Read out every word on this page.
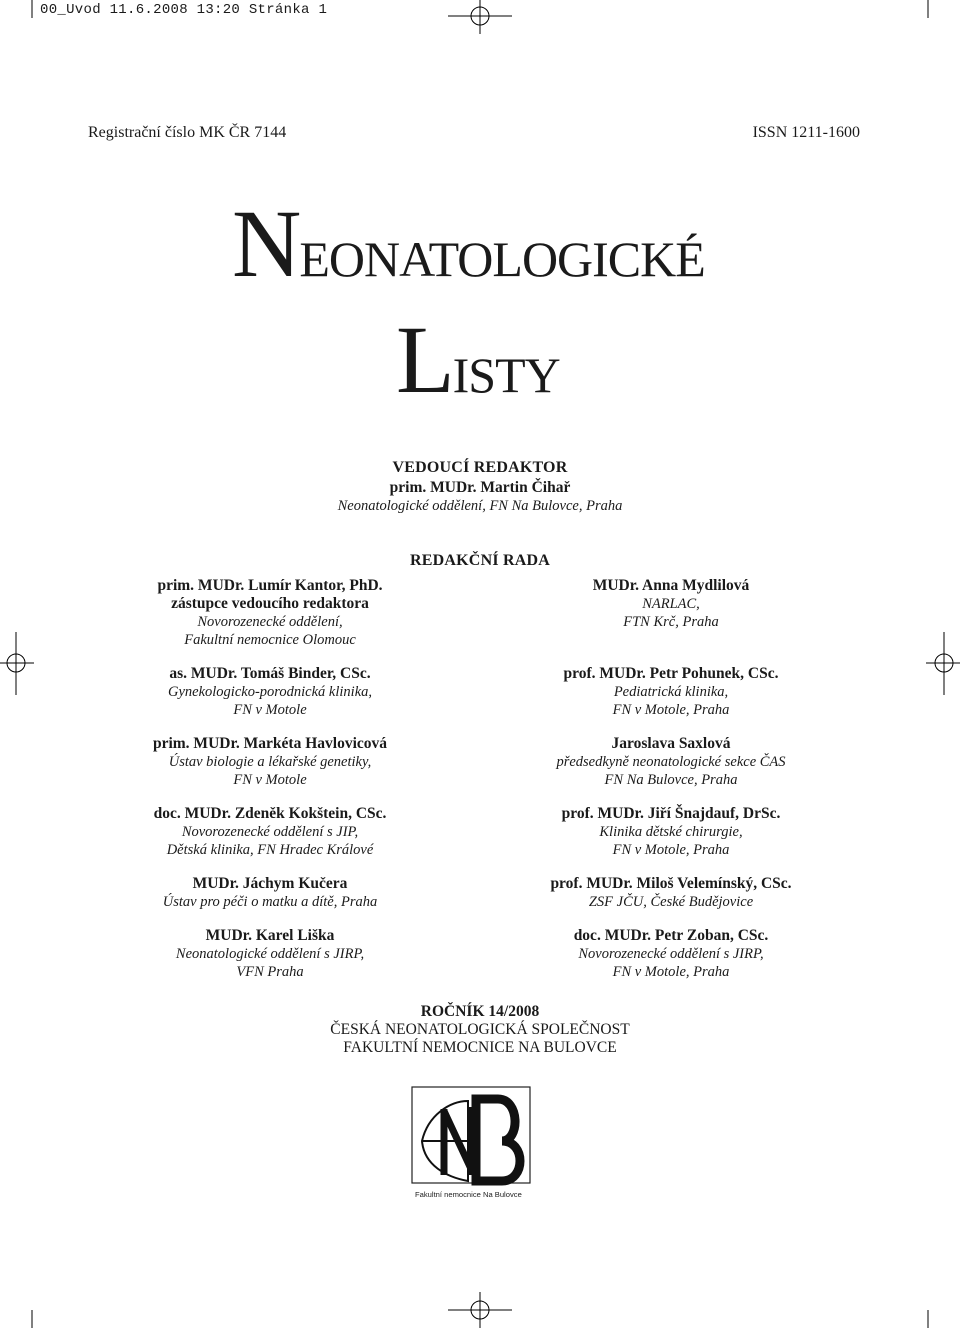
00_Uvod 11.6.2008 13:20 Stránka 1
Registrační číslo MK ČR 7144	ISSN 1211-1600
NEONATOLOGICKÉ
LISTY
VEDOUCÍ REDAKTOR
prim. MUDr. Martin Čihař
Neonatologické oddělení, FN Na Bulovce, Praha
REDAKČNÍ RADA
prim. MUDr. Lumír Kantor, PhD.
zástupce vedoucího redaktora
Novorozenecké oddělení,
Fakultní nemocnice Olomouc
as. MUDr. Tomáš Binder, CSc.
Gynekologicko-porodnická klinika,
FN v Motole
prim. MUDr. Markéta Havlovicová
Ústav biologie a lékařské genetiky,
FN v Motole
doc. MUDr. Zdeněk Kokštein, CSc.
Novorozenecké oddělení s JIP,
Dětská klinika, FN Hradec Králové
MUDr. Jáchym Kučera
Ústav pro péči o matku a dítě, Praha
MUDr. Karel Liška
Neonatologické oddělení s JIRP,
VFN Praha
MUDr. Anna Mydlilová
NARLAC,
FTN Krč, Praha
prof. MUDr. Petr Pohunek, CSc.
Pediatrická klinika,
FN v Motole, Praha
Jaroslava Saxlová
předsedkyně neonatologické sekce ČAS
FN Na Bulovce, Praha
prof. MUDr. Jiří Šnajdauf, DrSc.
Klinika dětské chirurgie,
FN v Motole, Praha
prof. MUDr. Miloš Velemínský, CSc.
ZSF JČU, České Budějovice
doc. MUDr. Petr Zoban, CSc.
Novorozenecké oddělení s JIRP,
FN v Motole, Praha
ROČNÍK 14/2008
ČESKÁ NEONATOLOGICKÁ SPOLEČNOST
FAKULTNÍ NEMOCNICE NA BULOVCE
Fakultní nemocnice Na Bulovce
